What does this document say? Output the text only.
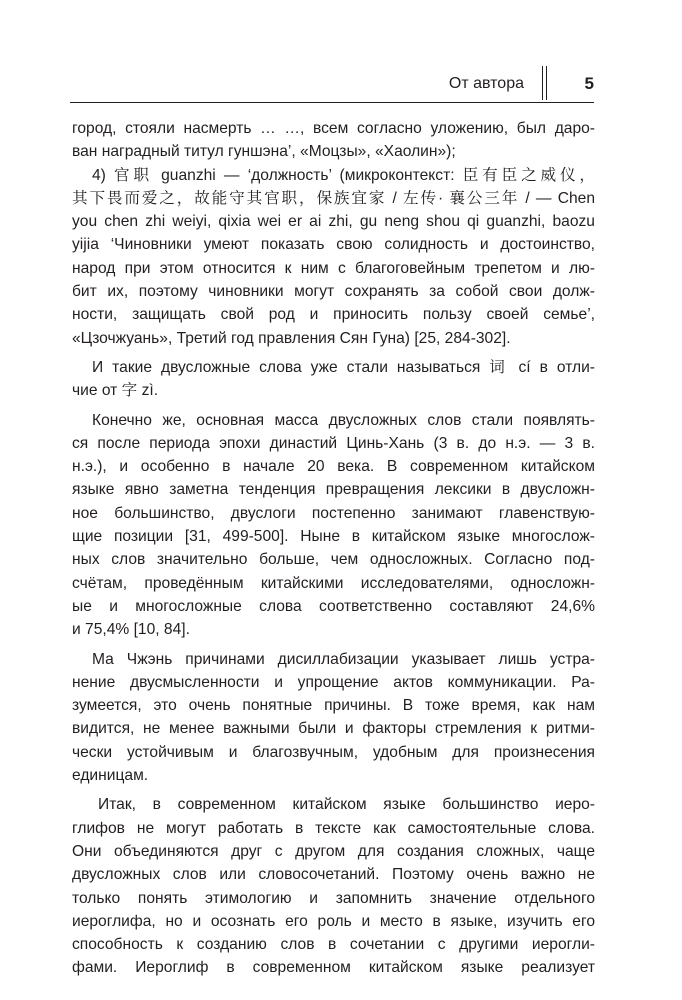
От автора	5

город, стояли насмерть … …, всем согласно уложению, был даро-

ван наградный титул гуншэна’, «Моцзы», «Хаолин»);

4) 官职 guanzhi — ‘должность’ (микроконтекст: 臣有臣之威仪，

其下畏而爱之，故能守其官职，保族宜家 / 左传· 襄公三年 / — Chen

you chen zhi weiyi, qixia wei er ai zhi, gu neng shou qi guanzhi, baozu

yijia ‘Чиновники умеют показать свою солидность и достоинство,

народ при этом относится к ним с благоговейным трепетом и лю-

бит их, поэтому чиновники могут сохранять за собой свои долж-

ности, защищать свой род и приносить пользу своей семье’,

«Цзочжуань», Третий год правления Сян Гуна) [25, 284-302].

И такие двусложные слова уже стали называться 词 cí в отли-

чие от 字 zì.

Конечно же, основная масса двусложных слов стали появлять-

ся после периода эпохи династий Цинь-Хань (3 в. до н.э. — 3 в.

н.э.), и особенно в начале 20 века. В современном китайском

языке явно заметна тенденция превращения лексики в двусложн-

ное большинство, двуслоги постепенно занимают главенствую-

щие позиции [31, 499-500]. Ныне в китайском языке многослож-

ных слов значительно больше, чем односложных. Согласно под-

счётам, проведённым китайскими исследователями, односложн-

ые и многосложные слова соответственно составляют 24,6%

и 75,4% [10, 84].

Ма Чжэнь причинами дисиллабизации указывает лишь устра-

нение двусмысленности и упрощение актов коммуникации. Ра-

зумеется, это очень понятные причины. В тоже время, как нам

видится, не менее важными были и факторы стремления к ритми-

чески устойчивым и благозвучным, удобным для произнесения

единицам.

Итак, в современном китайском языке большинство иеро-

глифов не могут работать в тексте как самостоятельные слова.

Они объединяются друг с другом для создания сложных, чаще

двусложных слов или словосочетаний. Поэтому очень важно не

только понять этимологию и запомнить значение отдельного

иероглифа, но и осознать его роль и место в языке, изучить его

способность к созданию слов в сочетании с другими иерогли-

фами. Иероглиф в современном китайском языке реализует
